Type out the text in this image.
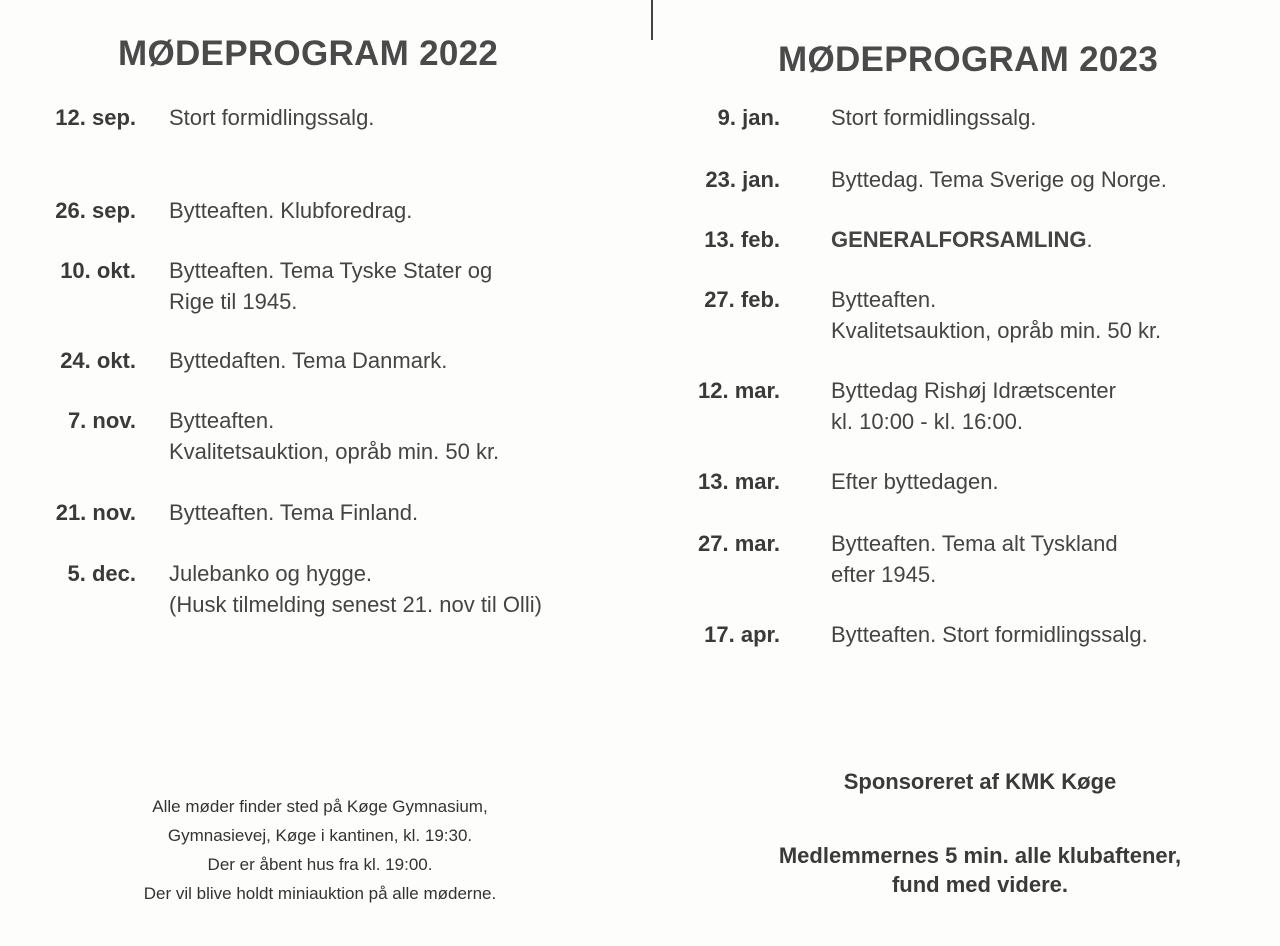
MØDEPROGRAM 2022
12. sep. Stort formidlingssalg.
26. sep. Bytteaften. Klubforedrag.
10. okt. Bytteaften. Tema Tyske Stater og
Rige til 1945.
24. okt. Byttedaften. Tema Danmark.
7. nov. Bytteaften.
Kvalitetsauktion, opråb min. 50 kr.
21. nov. Bytteaften. Tema Finland.
5. dec. Julebanko og hygge.
(Husk tilmelding senest 21. nov til Olli)
Alle møder finder sted på Køge Gymnasium,
Gymnasievej, Køge i kantinen, kl. 19:30.
Der er åbent hus fra kl. 19:00.
Der vil blive holdt miniauktion på alle møderne.
MØDEPROGRAM 2023
9. jan. Stort formidlingssalg.
23. jan. Byttedag. Tema Sverige og Norge.
13. feb. GENERALFORSAMLING.
27. feb. Bytteaften.
Kvalitetsauktion, opråb min. 50 kr.
12. mar. Byttedag Rishøj Idrætscenter
kl. 10:00 - kl. 16:00.
13. mar. Efter byttedagen.
27. mar. Bytteaften. Tema alt Tyskland
efter 1945.
17. apr. Bytteaften. Stort formidlingssalg.
Sponsoreret af KMK Køge
Medlemmernes 5 min. alle klubaftener,
fund med videre.
